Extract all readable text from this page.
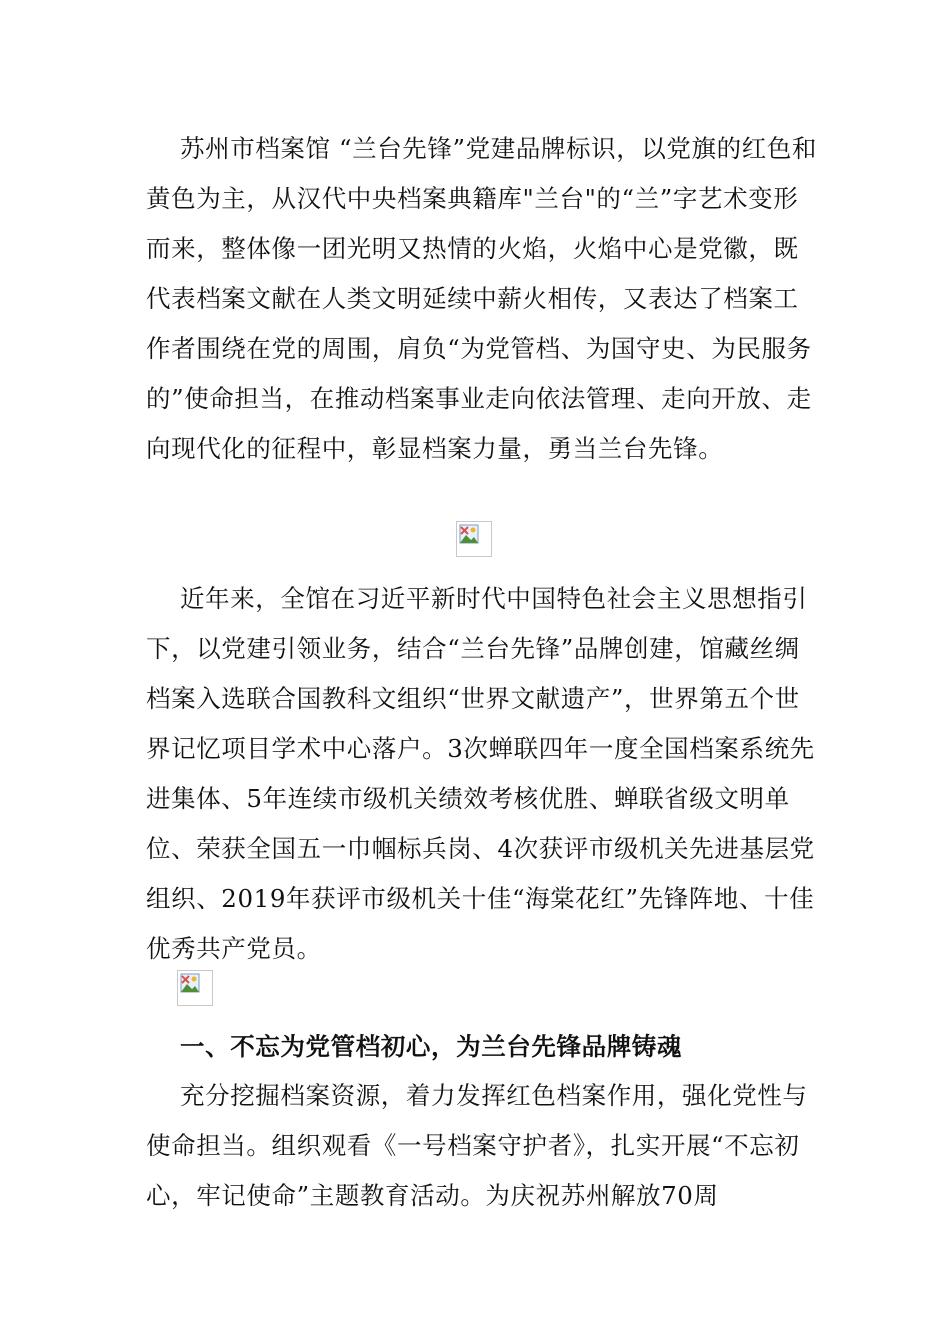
苏州市档案馆 “兰台先锋”党建品牌标识，以党旗的红色和黄色为主，从汉代中央档案典籍库"兰台"的“兰”字艺术变形而来，整体像一团光明又热情的火焰，火焰中心是党徽，既代表档案文献在人类文明延续中薪火相传，又表达了档案工作者围绕在党的周围，肩负“为党管档、为国守史、为民服务的”使命担当，在推动档案事业走向依法管理、走向开放、走向现代化的征程中，彰显档案力量，勇当兰台先锋。

近年来，全馆在习近平新时代中国特色社会主义思想指引下，以党建引领业务，结合“兰台先锋”品牌创建，馆藏丝绸档案入选联合国教科文组织“世界文献遗产”，世界第五个世界记忆项目学术中心落户。3次蝉联四年一度全国档案系统先进集体、5年连续市级机关绩效考核优胜、蝉联省级文明单位、荣获全国五一巾帼标兵岗、4次获评市级机关先进基层党组织、2019年获评市级机关十佳“海棠花红”先锋阵地、十佳优秀共产党员。

一、不忘为党管档初心，为兰台先锋品牌铸魂

充分挖掘档案资源，着力发挥红色档案作用，强化党性与使命担当。组织观看《一号档案守护者》，扎实开展“不忘初心，牢记使命”主题教育活动。为庆祝苏州解放70周
